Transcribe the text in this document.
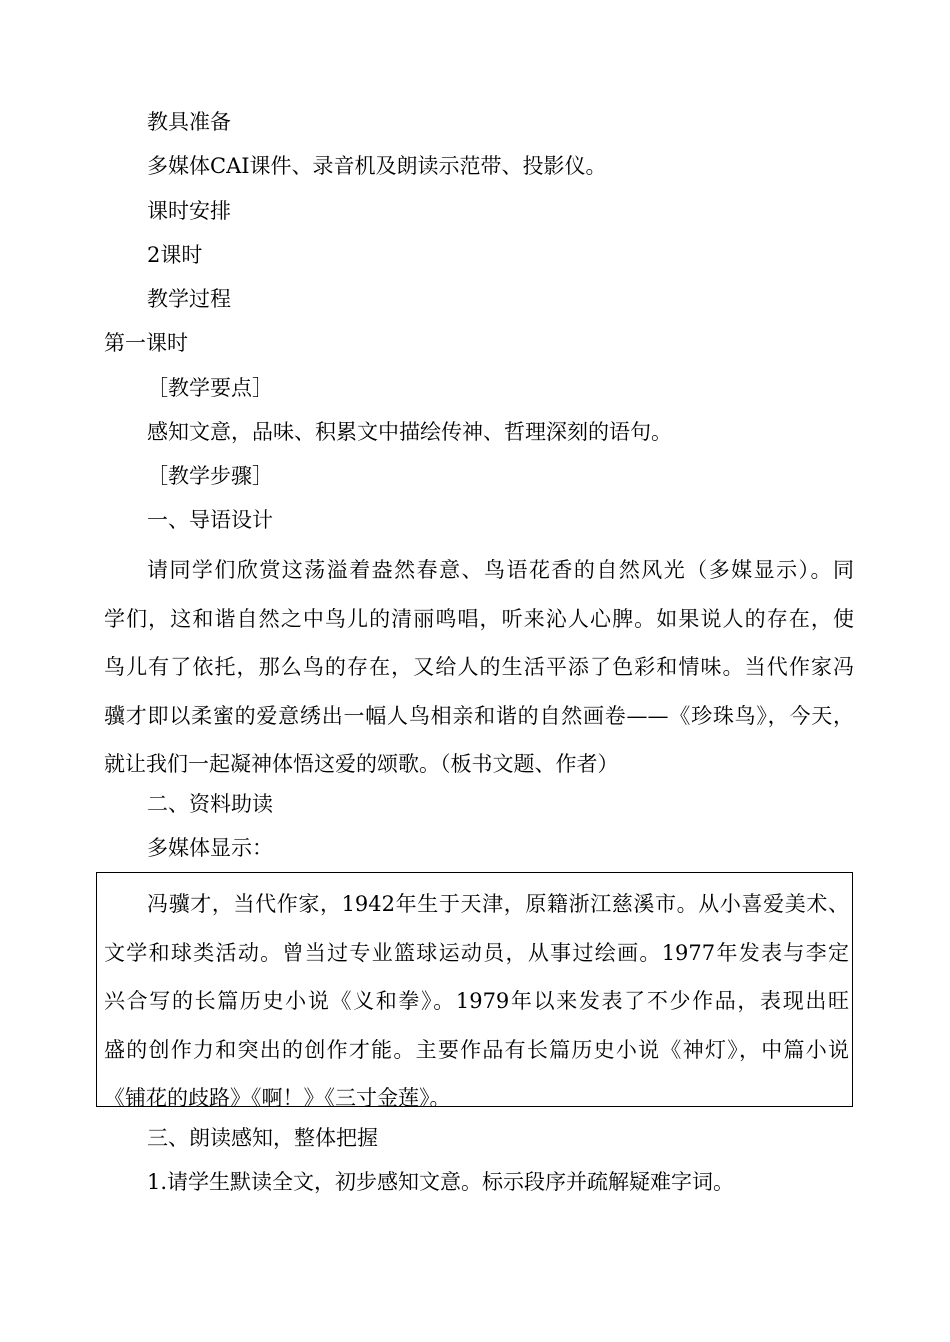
教具准备
多媒体CAI课件、录音机及朗读示范带、投影仪。
课时安排
2课时
教学过程
第一课时
［教学要点］
感知文意，品味、积累文中描绘传神、哲理深刻的语句。
［教学步骤］
一、导语设计
请同学们欣赏这荡溢着盎然春意、鸟语花香的自然风光（多媒显示）。同
学们，这和谐自然之中鸟儿的清丽鸣唱，听来沁人心脾。如果说人的存在，使
鸟儿有了依托，那么鸟的存在，又给人的生活平添了色彩和情味。当代作家冯
骥才即以柔蜜的爱意绣出一幅人鸟相亲和谐的自然画卷——《珍珠鸟》，今天，
就让我们一起凝神体悟这爱的颂歌。（板书文题、作者）
二、资料助读
多媒体显示：
冯骥才，当代作家，1942年生于天津，原籍浙江慈溪市。从小喜爱美术、
文学和球类活动。曾当过专业篮球运动员，从事过绘画。1977年发表与李定
兴合写的长篇历史小说《义和拳》。1979年以来发表了不少作品，表现出旺
盛的创作力和突出的创作才能。主要作品有长篇历史小说《神灯》，中篇小说
《铺花的歧路》《啊！》《三寸金莲》。
三、朗读感知，整体把握
1.请学生默读全文，初步感知文意。标示段序并疏解疑难字词。
